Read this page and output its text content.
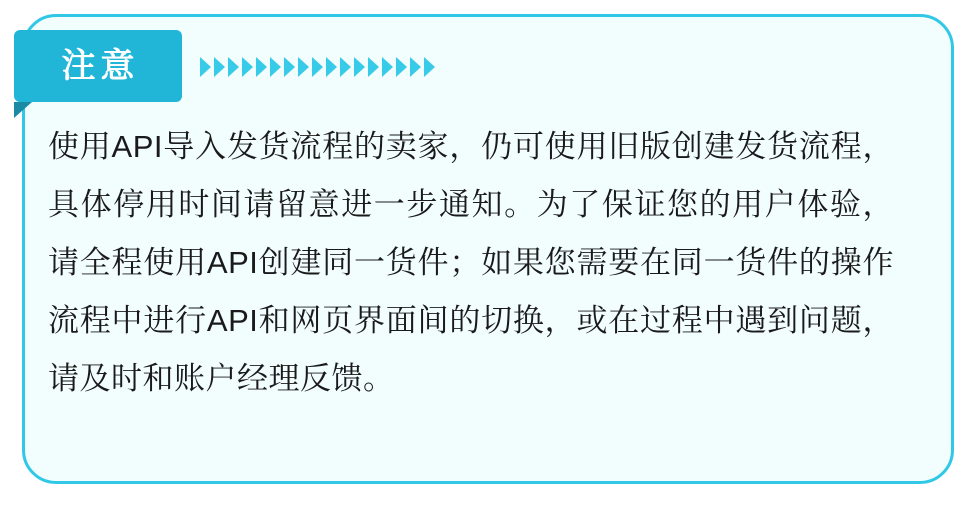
注意
使用API导入发货流程的卖家，仍可使用旧版创建发货流程，具体停用时间请留意进一步通知。为了保证您的用户体验，请全程使用API创建同一货件；如果您需要在同一货件的操作流程中进行API和网页界面间的切换，或在过程中遇到问题，请及时和账户经理反馈。
